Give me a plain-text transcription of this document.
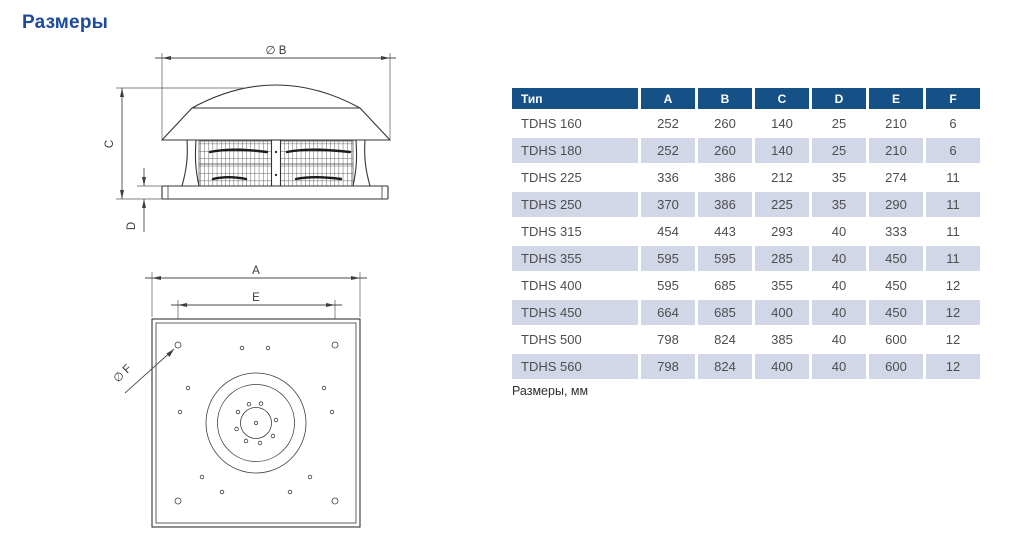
Размеры
∅ B
C
D
A
E
∅ F
Тип	A	B	C	D	E	F
TDHS 160	252	260	140	25	210	6
TDHS 180	252	260	140	25	210	6
TDHS 225	336	386	212	35	274	11
TDHS 250	370	386	225	35	290	11
TDHS 315	454	443	293	40	333	11
TDHS 355	595	595	285	40	450	11
TDHS 400	595	685	355	40	450	12
TDHS 450	664	685	400	40	450	12
TDHS 500	798	824	385	40	600	12
TDHS 560	798	824	400	40	600	12
Размеры, мм
